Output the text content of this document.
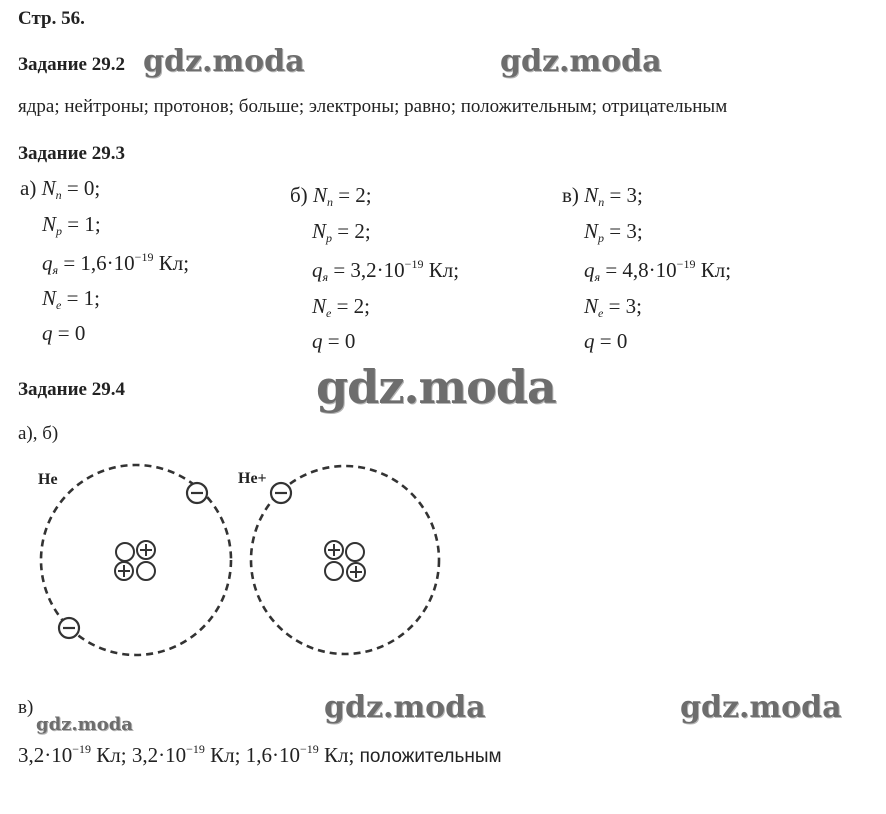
Стр. 56.
Задание 29.2 gdz.moda	gdz.moda
ядра; нейтроны; протонов; больше; электроны; равно; положительным; отрицательным
Задание 29.3
а) $N_n = 0$;
$N_p = 1$;
$q_я = 1,6\cdot 10^{-19}$ Кл;
$N_e = 1$;
q = 0
б) $N_n = 2$;
$N_p = 2$;
$q_я = 3,2\cdot 10^{-19}$ Кл;
$N_e = 2$;
q = 0
в) $N_n = 3$;
$N_p = 3$;
$q_я = 4,8\cdot 10^{-19}$ Кл;
$N_e = 3$;
q = 0
Задание 29.4	gdz.moda
а), б)
He	He+
в)
gdz.moda	gdz.moda	gdz.moda
$3,2\cdot 10^{-19}$ Кл; $3,2\cdot 10^{-19}$ Кл; $1,6\cdot 10^{-19}$ Кл; положительным
